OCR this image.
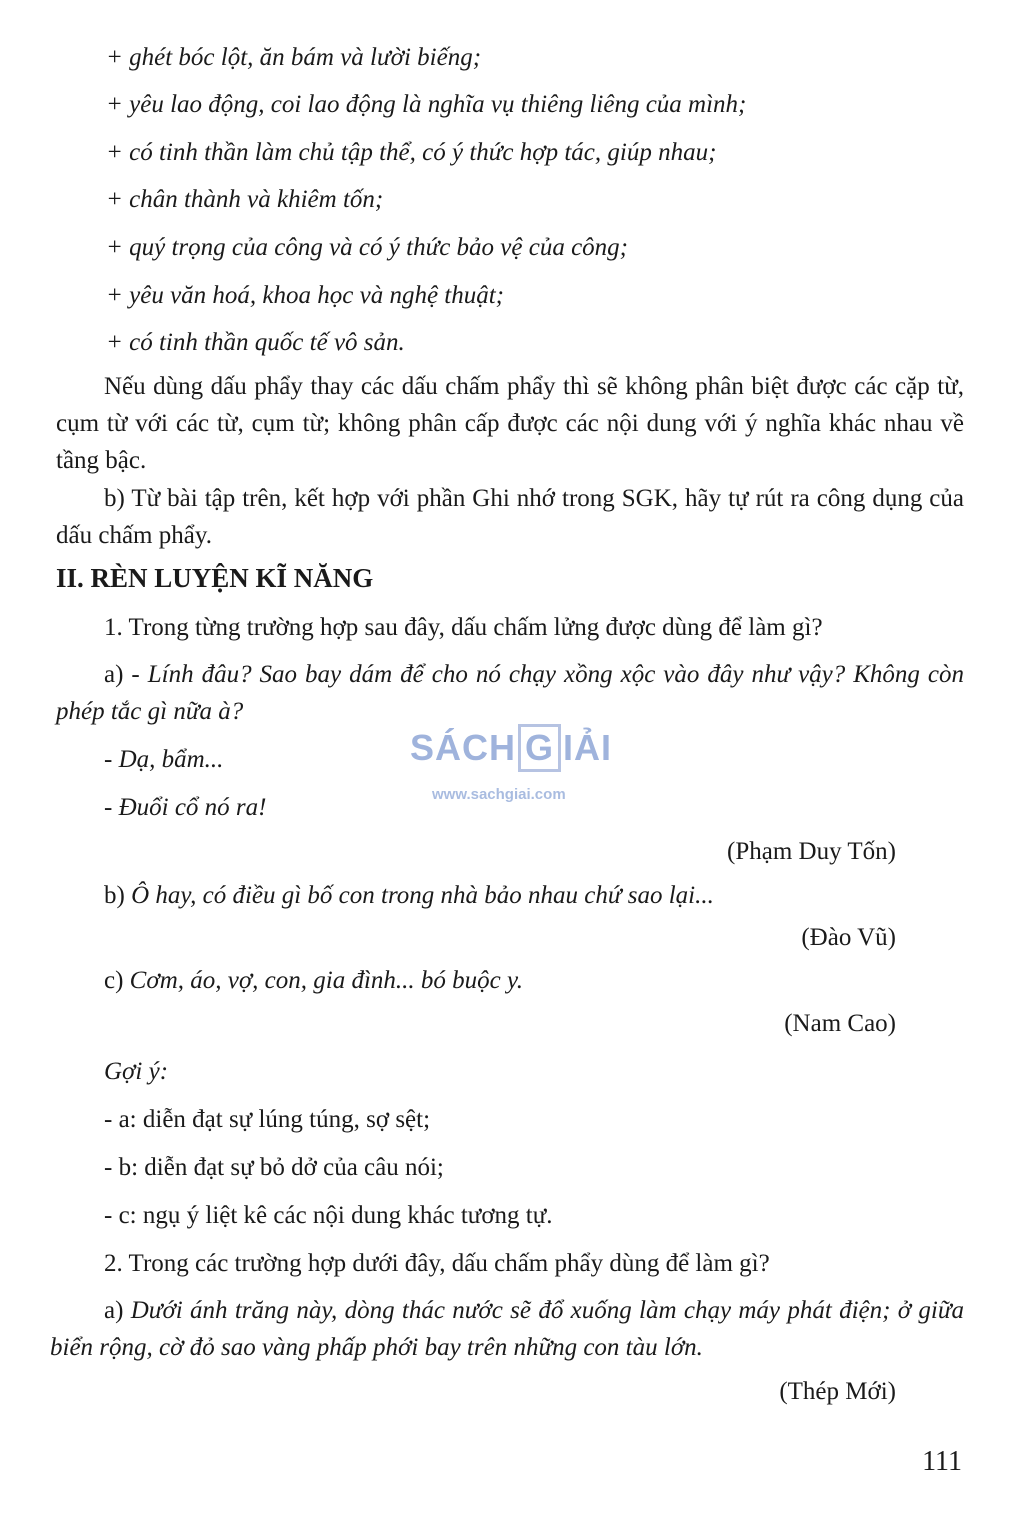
+ ghét bóc lột, ăn bám và lười biếng;
+ yêu lao động, coi lao động là nghĩa vụ thiêng liêng của mình;
+ có tinh thần làm chủ tập thể, có ý thức hợp tác, giúp nhau;
+ chân thành và khiêm tốn;
+ quý trọng của công và có ý thức bảo vệ của công;
+ yêu văn hoá, khoa học và nghệ thuật;
+ có tinh thần quốc tế vô sản.
Nếu dùng dấu phẩy thay các dấu chấm phẩy thì sẽ không phân biệt được các cặp từ, cụm từ với các từ, cụm từ; không phân cấp được các nội dung với ý nghĩa khác nhau về tầng bậc.
b) Từ bài tập trên, kết hợp với phần Ghi nhớ trong SGK, hãy tự rút ra công dụng của dấu chấm phẩy.
II. RÈN LUYỆN KĨ NĂNG
1. Trong từng trường hợp sau đây, dấu chấm lửng được dùng để làm gì?
a) - Lính đâu? Sao bay dám để cho nó chạy xồng xộc vào đây như vậy? Không còn phép tắc gì nữa à?
- Dạ, bẩm...
- Đuổi cổ nó ra!
(Phạm Duy Tốn)
b) Ô hay, có điều gì bố con trong nhà bảo nhau chứ sao lại...
(Đào Vũ)
c) Cơm, áo, vợ, con, gia đình... bó buộc y.
(Nam Cao)
Gợi ý:
- a: diễn đạt sự lúng túng, sợ sệt;
- b: diễn đạt sự bỏ dở của câu nói;
- c: ngụ ý liệt kê các nội dung khác tương tự.
2. Trong các trường hợp dưới đây, dấu chấm phẩy dùng để làm gì?
a) Dưới ánh trăng này, dòng thác nước sẽ đổ xuống làm chạy máy phát điện; ở giữa biển rộng, cờ đỏ sao vàng phấp phới bay trên những con tàu lớn.
(Thép Mới)
SÁCH G IẢI
www.sachgiai.com
111
